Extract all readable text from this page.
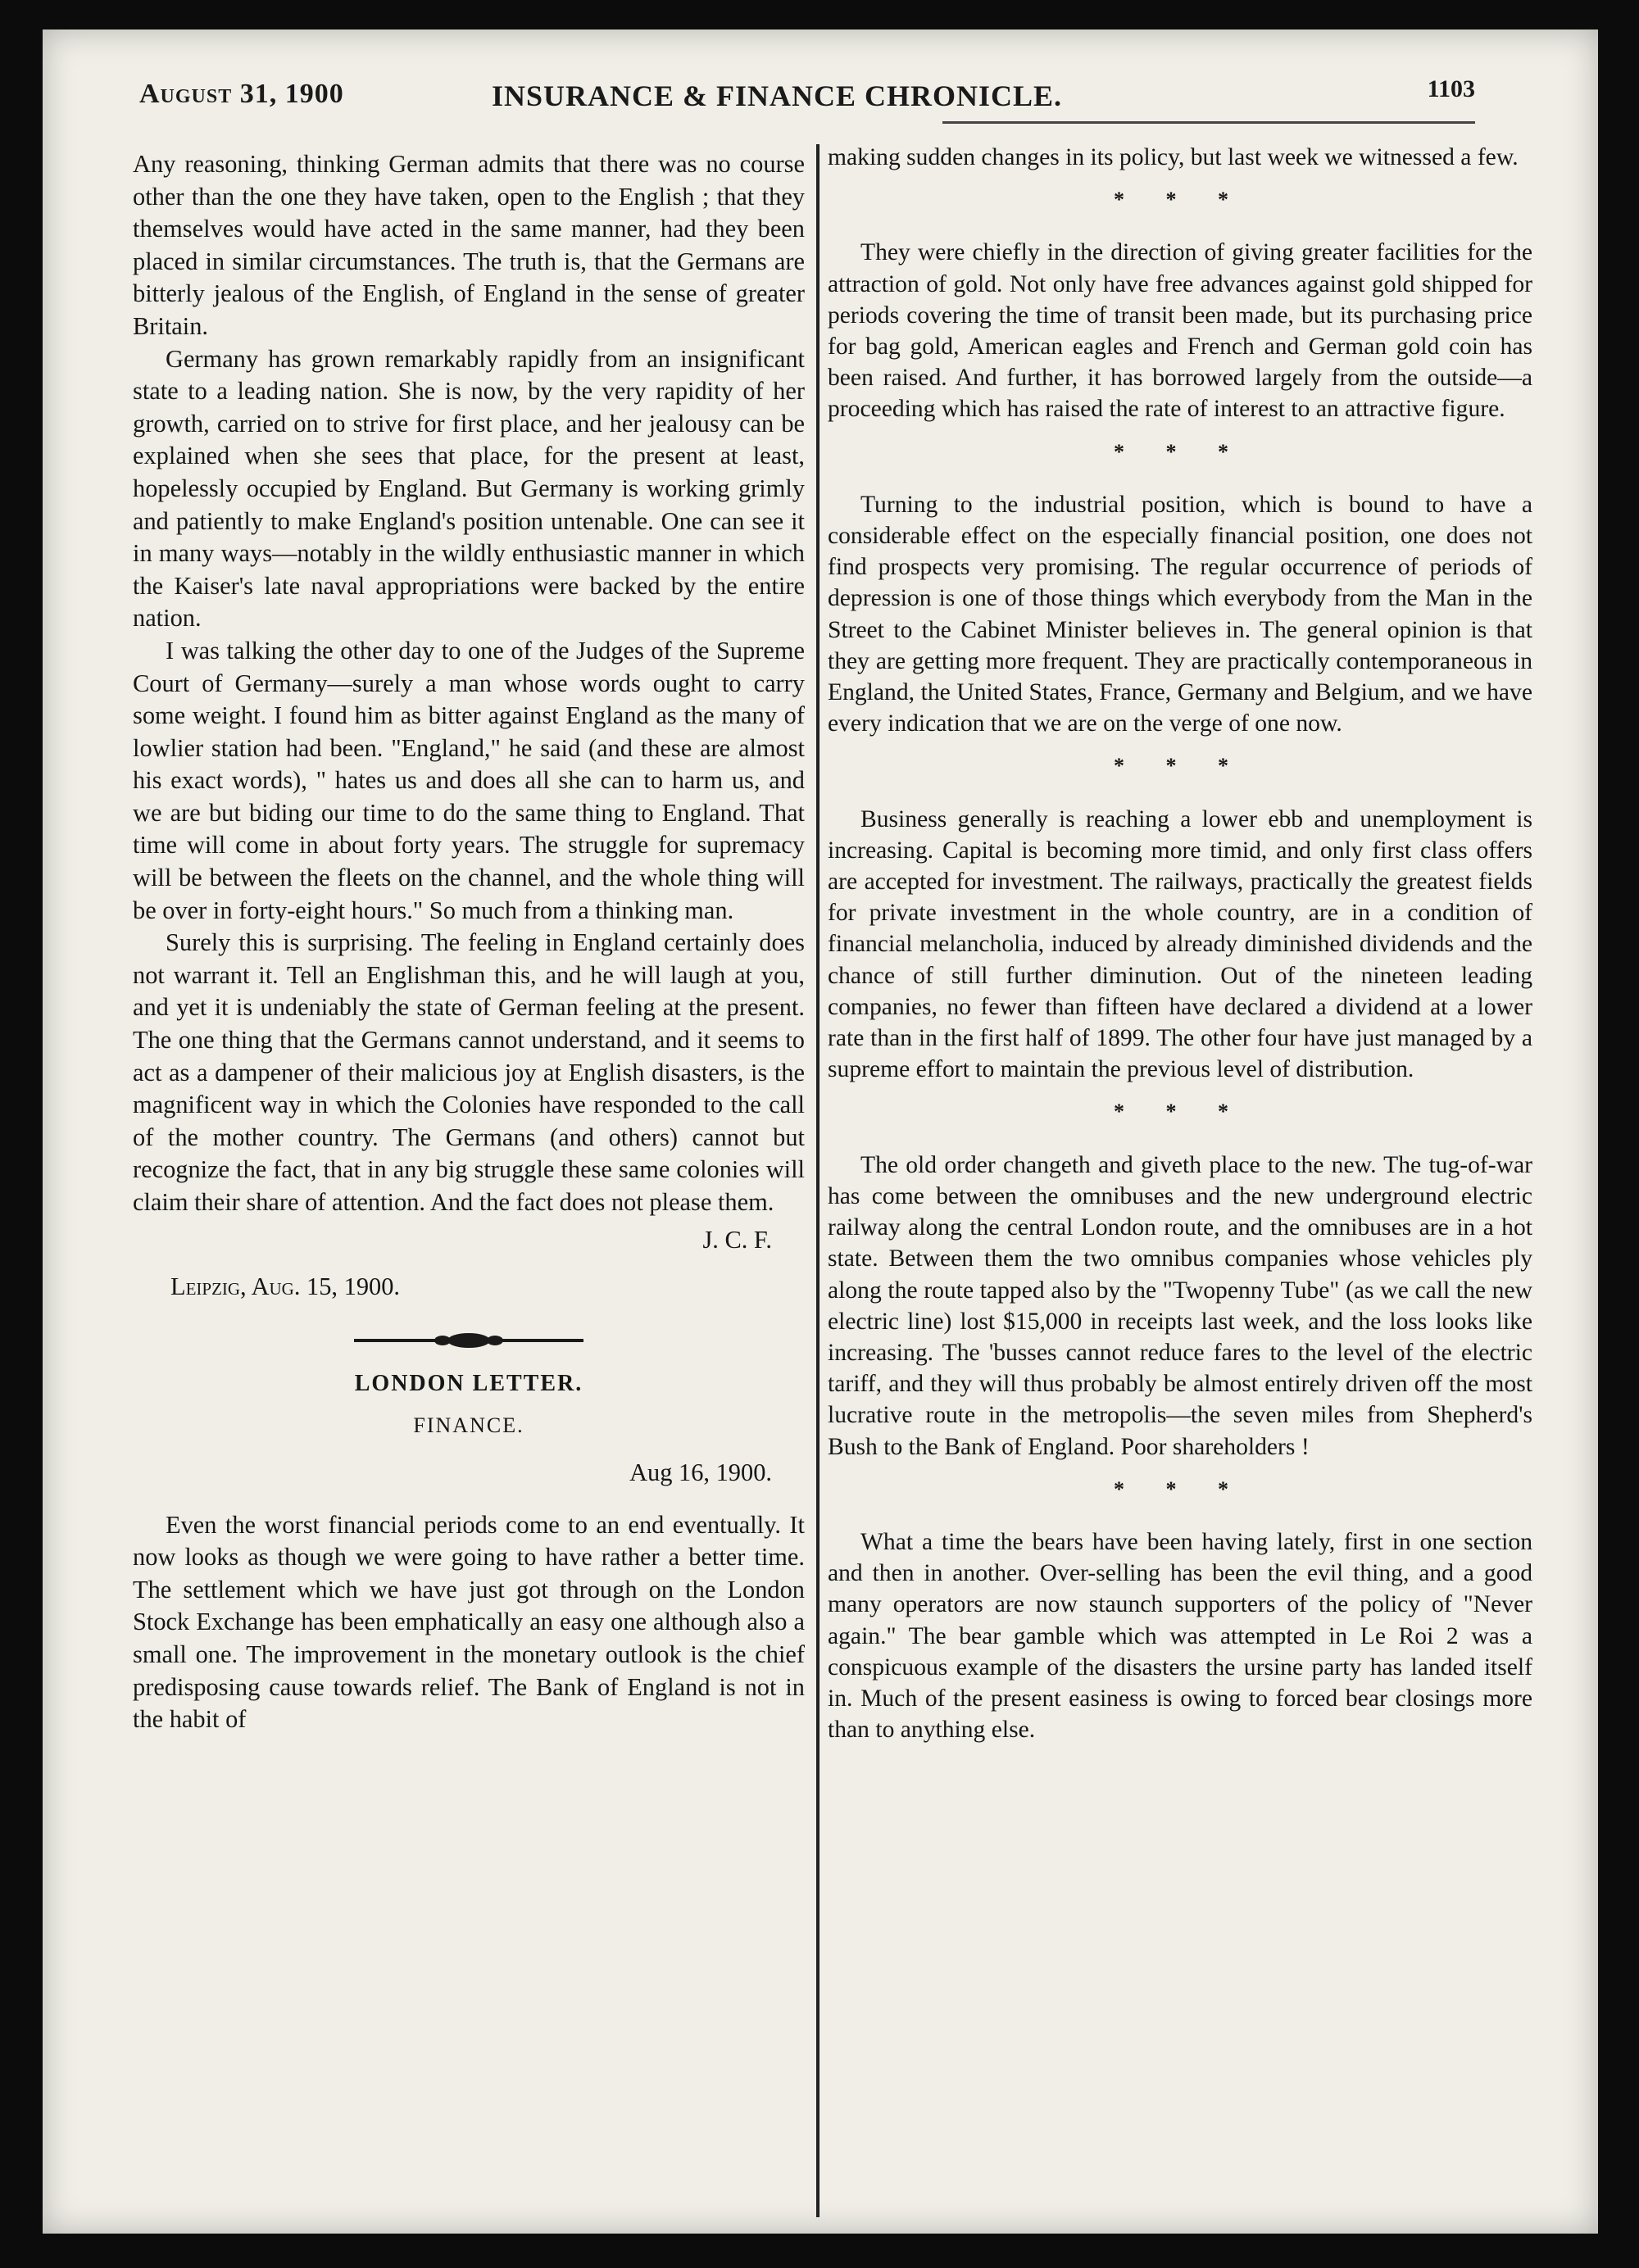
August 31, 1900	INSURANCE & FINANCE CHRONICLE.	1103

Any reasoning, thinking German admits that there was no course other than the one they have taken, open to the English ; that they themselves would have acted in the same manner, had they been placed in similar circumstances. The truth is, that the Germans are bitterly jealous of the English, of England in the sense of greater Britain.

Germany has grown remarkably rapidly from an insignificant state to a leading nation. She is now, by the very rapidity of her growth, carried on to strive for first place, and her jealousy can be explained when she sees that place, for the present at least, hopelessly occupied by England. But Germany is working grimly and patiently to make England's position untenable. One can see it in many ways—notably in the wildly enthusiastic manner in which the Kaiser's late naval appropriations were backed by the entire nation.

I was talking the other day to one of the Judges of the Supreme Court of Germany—surely a man whose words ought to carry some weight. I found him as bitter against England as the many of lowlier station had been. "England," he said (and these are almost his exact words), " hates us and does all she can to harm us, and we are but biding our time to do the same thing to England. That time will come in about forty years. The struggle for supremacy will be between the fleets on the channel, and the whole thing will be over in forty-eight hours." So much from a thinking man.

Surely this is surprising. The feeling in England certainly does not warrant it. Tell an Englishman this, and he will laugh at you, and yet it is undeniably the state of German feeling at the present. The one thing that the Germans cannot understand, and it seems to act as a dampener of their malicious joy at English disasters, is the magnificent way in which the Colonies have responded to the call of the mother country. The Germans (and others) cannot but recognize the fact, that in any big struggle these same colonies will claim their share of attention. And the fact does not please them.

J. C. F.
Leipzig, Aug. 15, 1900.
LONDON LETTER.
FINANCE.
Aug 16, 1900.

Even the worst financial periods come to an end eventually. It now looks as though we were going to have rather a better time. The settlement which we have just got through on the London Stock Exchange has been emphatically an easy one although also a small one. The improvement in the monetary outlook is the chief predisposing cause towards relief. The Bank of England is not in the habit of

making sudden changes in its policy, but last week we witnessed a few.

* * *

They were chiefly in the direction of giving greater facilities for the attraction of gold. Not only have free advances against gold shipped for periods covering the time of transit been made, but its purchasing price for bag gold, American eagles and French and German gold coin has been raised. And further, it has borrowed largely from the outside—a proceeding which has raised the rate of interest to an attractive figure.

* * *

Turning to the industrial position, which is bound to have a considerable effect on the especially financial position, one does not find prospects very promising. The regular occurrence of periods of depression is one of those things which everybody from the Man in the Street to the Cabinet Minister believes in. The general opinion is that they are getting more frequent. They are practically contemporaneous in England, the United States, France, Germany and Belgium, and we have every indication that we are on the verge of one now.

* * *

Business generally is reaching a lower ebb and unemployment is increasing. Capital is becoming more timid, and only first class offers are accepted for investment. The railways, practically the greatest fields for private investment in the whole country, are in a condition of financial melancholia, induced by already diminished dividends and the chance of still further diminution. Out of the nineteen leading companies, no fewer than fifteen have declared a dividend at a lower rate than in the first half of 1899. The other four have just managed by a supreme effort to maintain the previous level of distribution.

* * *

The old order changeth and giveth place to the new. The tug-of-war has come between the omnibuses and the new underground electric railway along the central London route, and the omnibuses are in a hot state. Between them the two omnibus companies whose vehicles ply along the route tapped also by the "Twopenny Tube" (as we call the new electric line) lost $15,000 in receipts last week, and the loss looks like increasing. The 'busses cannot reduce fares to the level of the electric tariff, and they will thus probably be almost entirely driven off the most lucrative route in the metropolis—the seven miles from Shepherd's Bush to the Bank of England. Poor shareholders !

* * *

What a time the bears have been having lately, first in one section and then in another. Over-selling has been the evil thing, and a good many operators are now staunch supporters of the policy of "Never again." The bear gamble which was attempted in Le Roi 2 was a conspicuous example of the disasters the ursine party has landed itself in. Much of the present easiness is owing to forced bear closings more than to anything else.
